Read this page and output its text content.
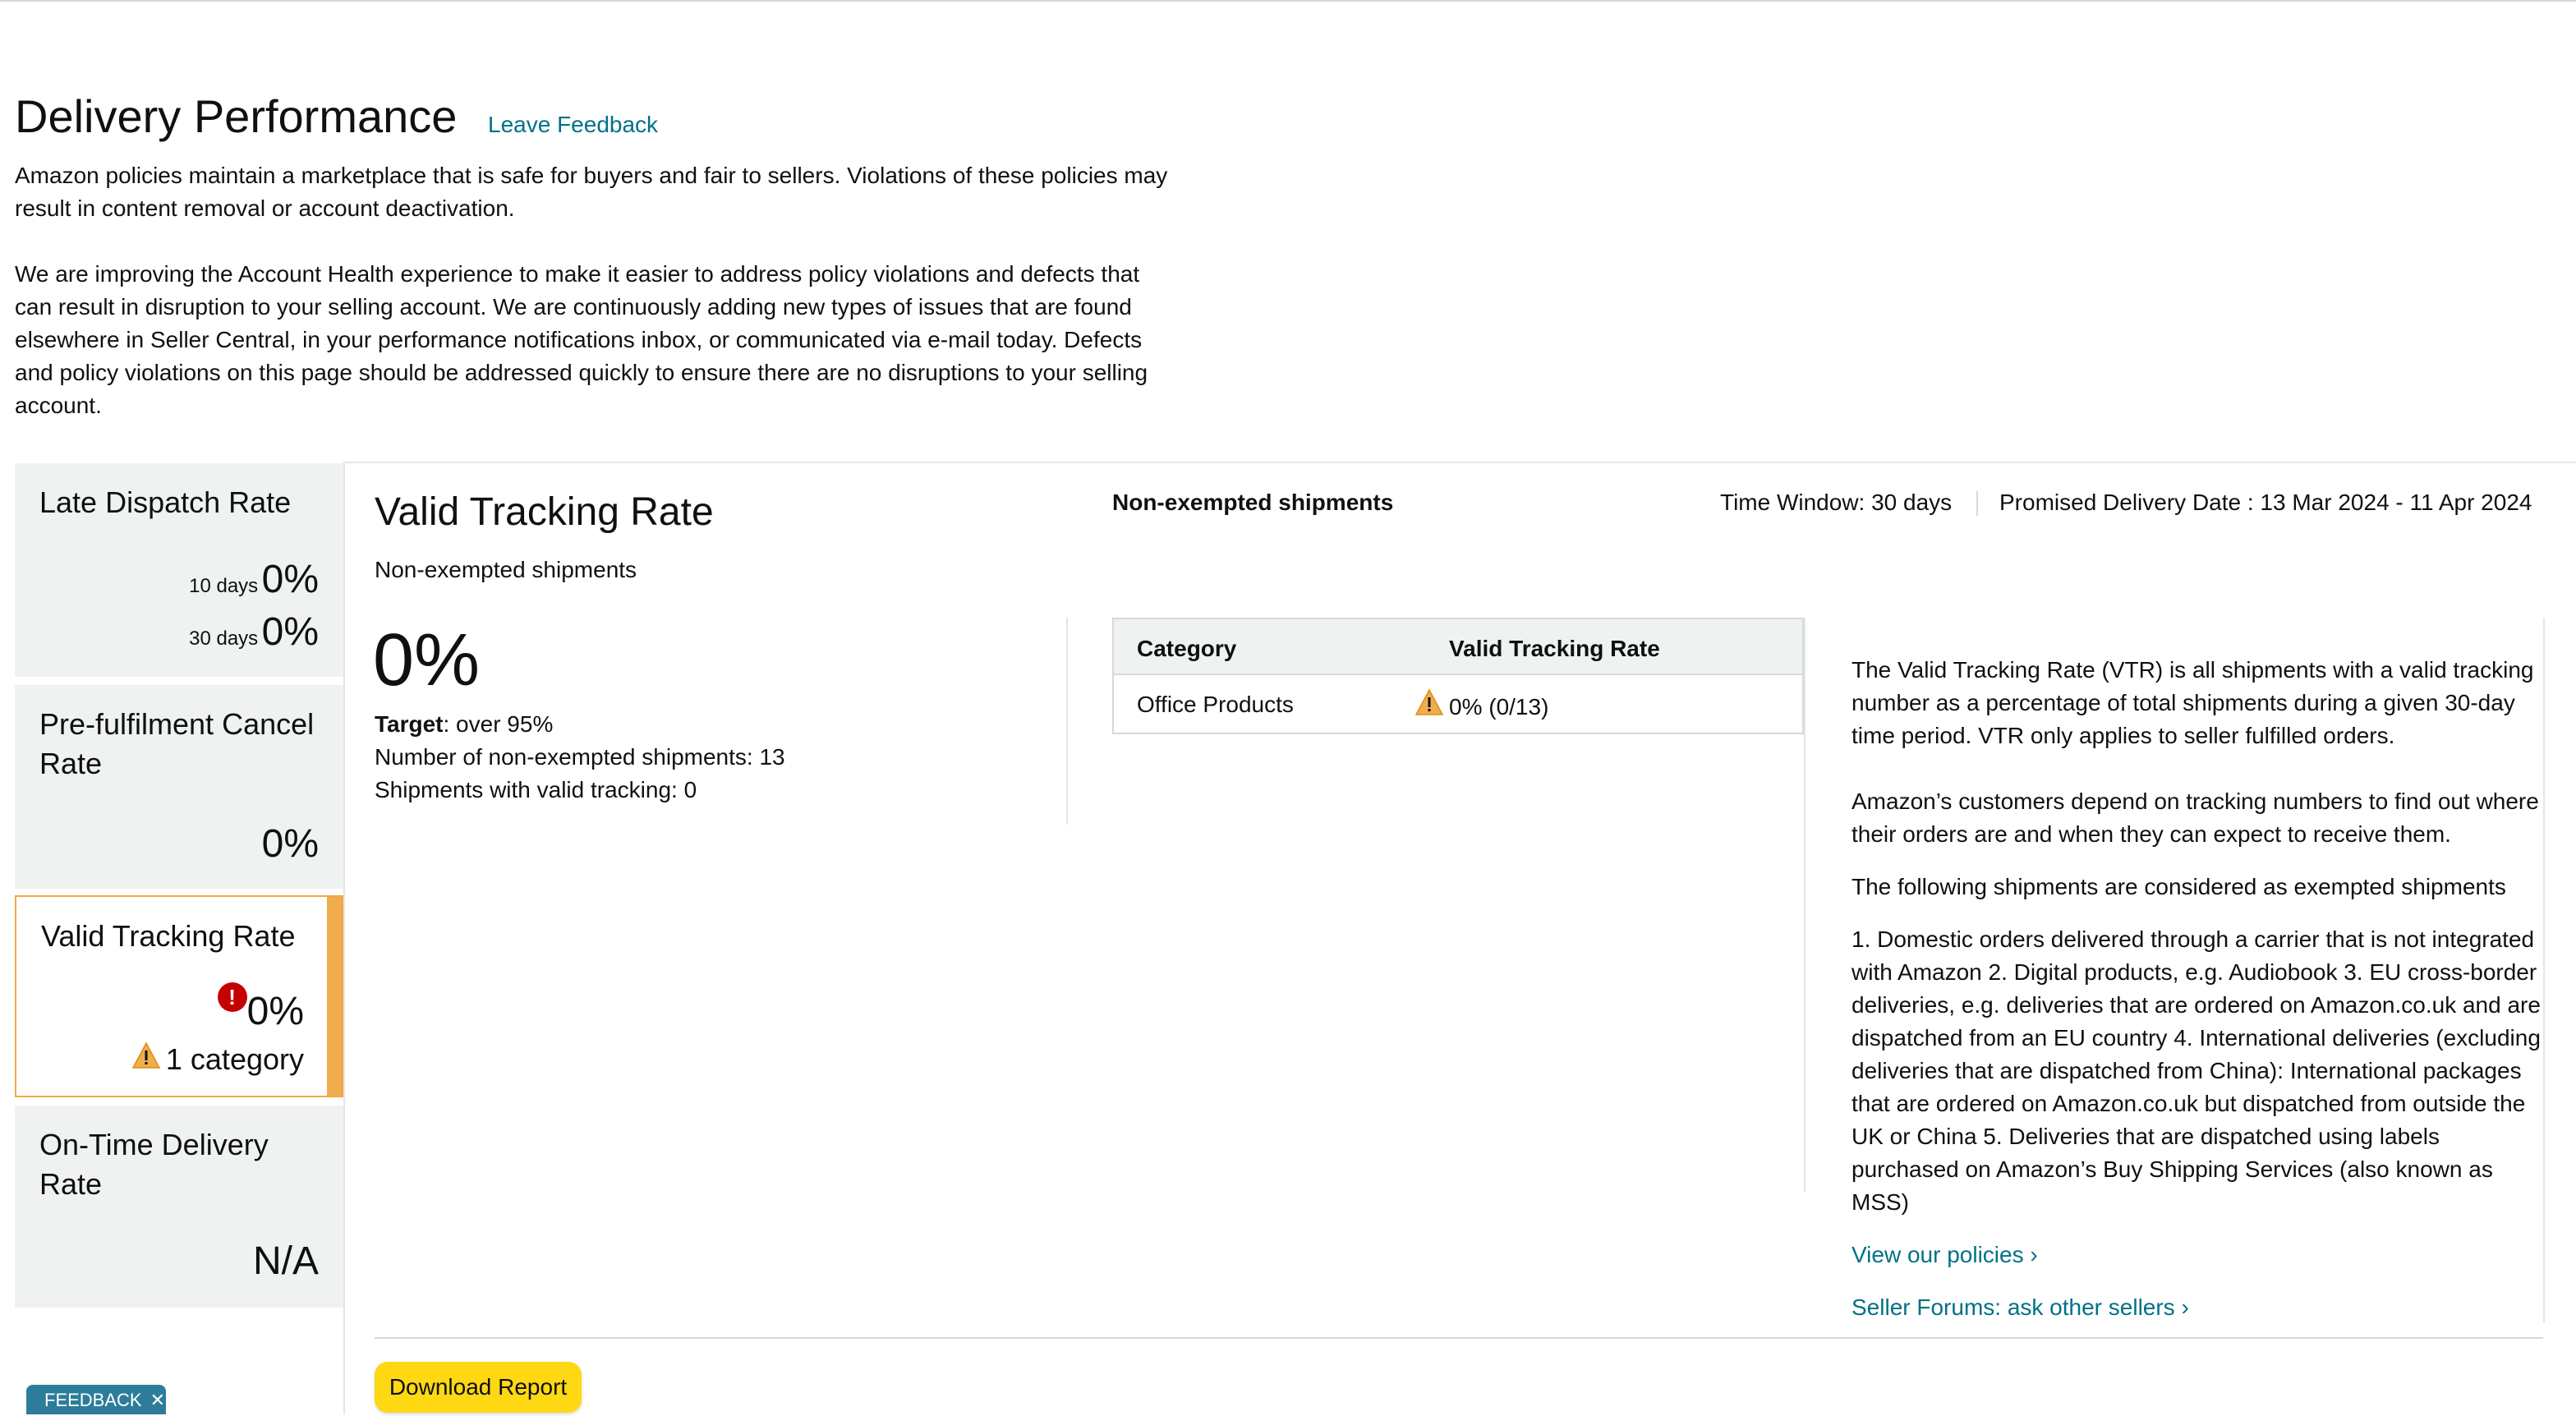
Delivery Performance Leave Feedback

Amazon policies maintain a marketplace that is safe for buyers and fair to sellers. Violations of these policies may result in content removal or account deactivation.

We are improving the Account Health experience to make it easier to address policy violations and defects that can result in disruption to your selling account. We are continuously adding new types of issues that are found elsewhere in Seller Central, in your performance notifications inbox, or communicated via e-mail today. Defects and policy violations on this page should be addressed quickly to ensure there are no disruptions to your selling account.

Late Dispatch Rate
10 days 0%
30 days 0%
Pre-fulfilment Cancel Rate
0%
Valid Tracking Rate
! 0%
1 category
On-Time Delivery Rate
N/A
Valid Tracking Rate
Non-exempted shipments
Non-exempted shipments	Time Window: 30 days Promised Delivery Date : 13 Mar 2024 - 11 Apr 2024
0%
Target: over 95%
Number of non-exempted shipments: 13
Shipments with valid tracking: 0
Category	Valid Tracking Rate
Office Products	0% (0/13)

The Valid Tracking Rate (VTR) is all shipments with a valid tracking number as a percentage of total shipments during a given 30-day time period. VTR only applies to seller fulfilled orders.

Amazon’s customers depend on tracking numbers to find out where their orders are and when they can expect to receive them.

The following shipments are considered as exempted shipments

1. Domestic orders delivered through a carrier that is not integrated with Amazon 2. Digital products, e.g. Audiobook 3. EU cross-border deliveries, e.g. deliveries that are ordered on Amazon.co.uk and are dispatched from an EU country 4. International deliveries (excluding deliveries that are dispatched from China): International packages that are ordered on Amazon.co.uk but dispatched from outside the UK or China 5. Deliveries that are dispatched using labels purchased on Amazon’s Buy Shipping Services (also known as MSS)

View our policies ›
Seller Forums: ask other sellers ›
Download Report
FEEDBACK ✕
